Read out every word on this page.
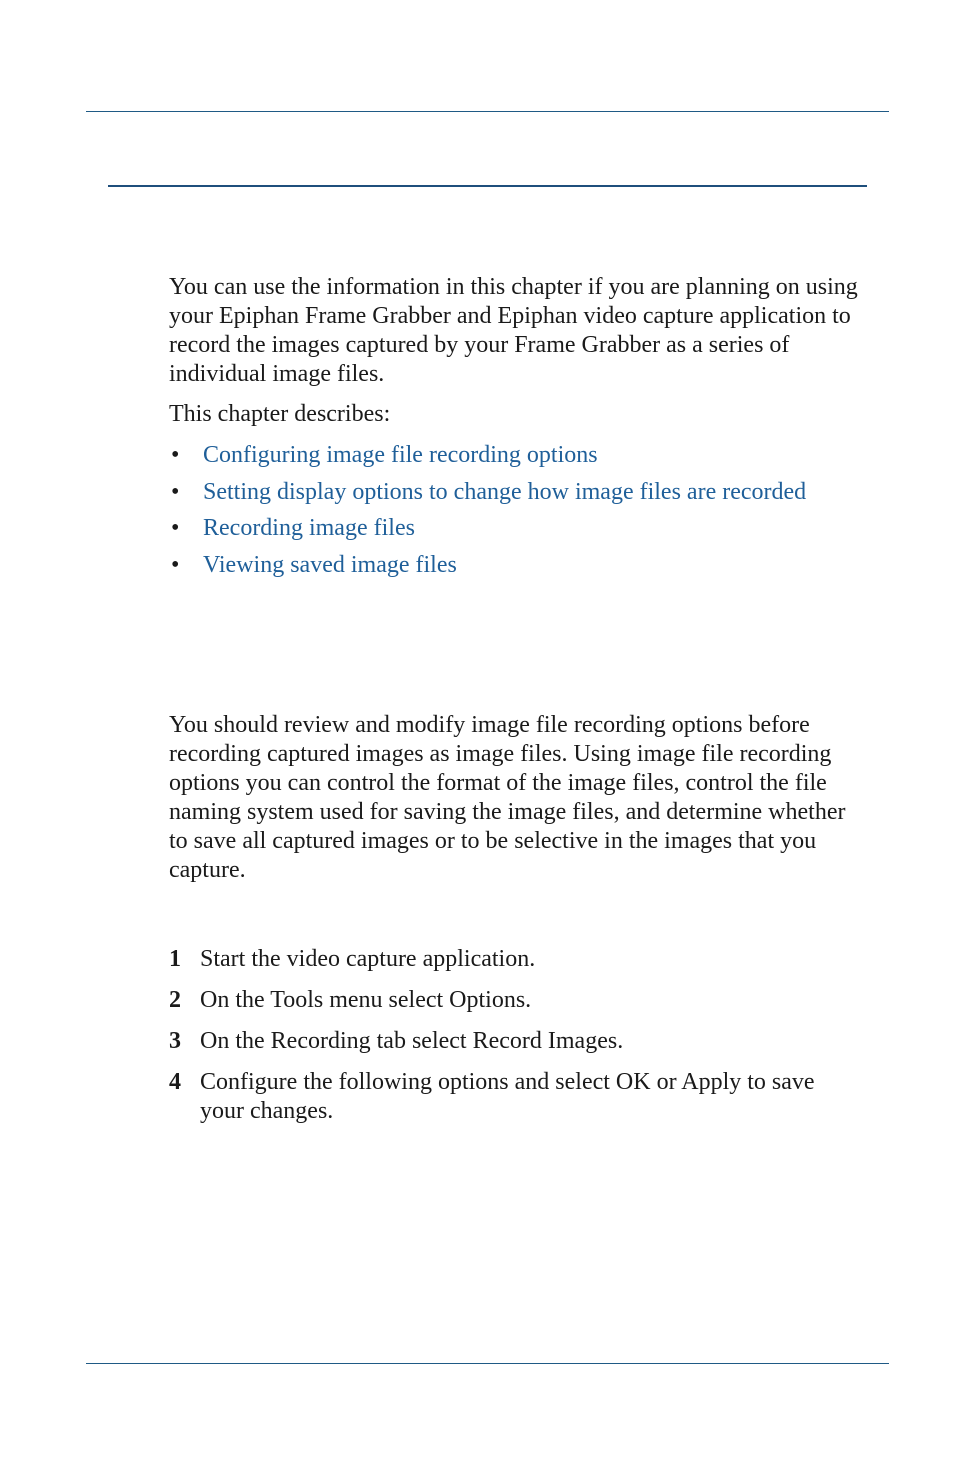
You can use the information in this chapter if you are planning on using your Epiphan Frame Grabber and Epiphan video capture application to record the images captured by your Frame Grabber as a series of individual image files.

This chapter describes:

• Configuring image file recording options
• Setting display options to change how image files are recorded
• Recording image files
• Viewing saved image files

You should review and modify image file recording options before recording captured images as image files. Using image file recording options you can control the format of the image files, control the file naming system used for saving the image files, and determine whether to save all captured images or to be selective in the images that you capture.

1 Start the video capture application.
2 On the Tools menu select Options.
3 On the Recording tab select Record Images.
4 Configure the following options and select OK or Apply to save your changes.
